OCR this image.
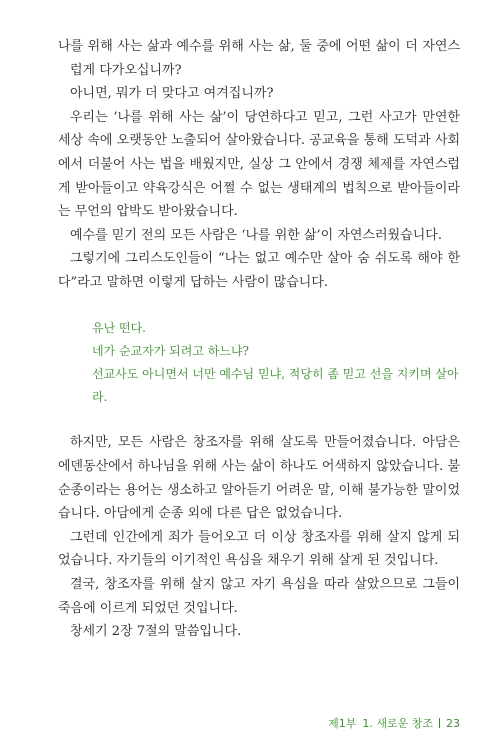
나를 위해 사는 삶과 예수를 위해 사는 삶, 둘 중에 어떤 삶이 더 자연스럽게 다가오십니까?

아니면, 뭐가 더 맞다고 여겨집니까?

우리는 ‘나를 위해 사는 삶’이 당연하다고 믿고, 그런 사고가 만연한 세상 속에 오랫동안 노출되어 살아왔습니다. 공교육을 통해 도덕과 사회에서 더불어 사는 법을 배웠지만, 실상 그 안에서 경쟁 체제를 자연스럽게 받아들이고 약육강식은 어쩔 수 없는 생태계의 법칙으로 받아들이라는 무언의 압박도 받아왔습니다.

예수를 믿기 전의 모든 사람은 ‘나를 위한 삶’이 자연스러웠습니다.

그렇기에 그리스도인들이 “나는 없고 예수만 살아 숨 쉬도록 해야 한다”라고 말하면 이렇게 답하는 사람이 많습니다.

유난 떤다.

네가 순교자가 되려고 하느냐?

선교사도 아니면서 너만 예수님 믿냐, 적당히 좀 믿고 선을 지키며 살아라.

하지만, 모든 사람은 창조자를 위해 살도록 만들어졌습니다. 아담은 에덴동산에서 하나님을 위해 사는 삶이 하나도 어색하지 않았습니다. 불순종이라는 용어는 생소하고 알아듣기 어려운 말, 이해 불가능한 말이었습니다. 아담에게 순종 외에 다른 답은 없었습니다.

그런데 인간에게 죄가 들어오고 더 이상 창조자를 위해 살지 않게 되었습니다. 자기들의 이기적인 욕심을 채우기 위해 살게 된 것입니다.

결국, 창조자를 위해 살지 않고 자기 욕심을 따라 살았으므로 그들이 죽음에 이르게 되었던 것입니다.

창세기 2장 7절의 말씀입니다.

제1부 1. 새로운 창조 23
